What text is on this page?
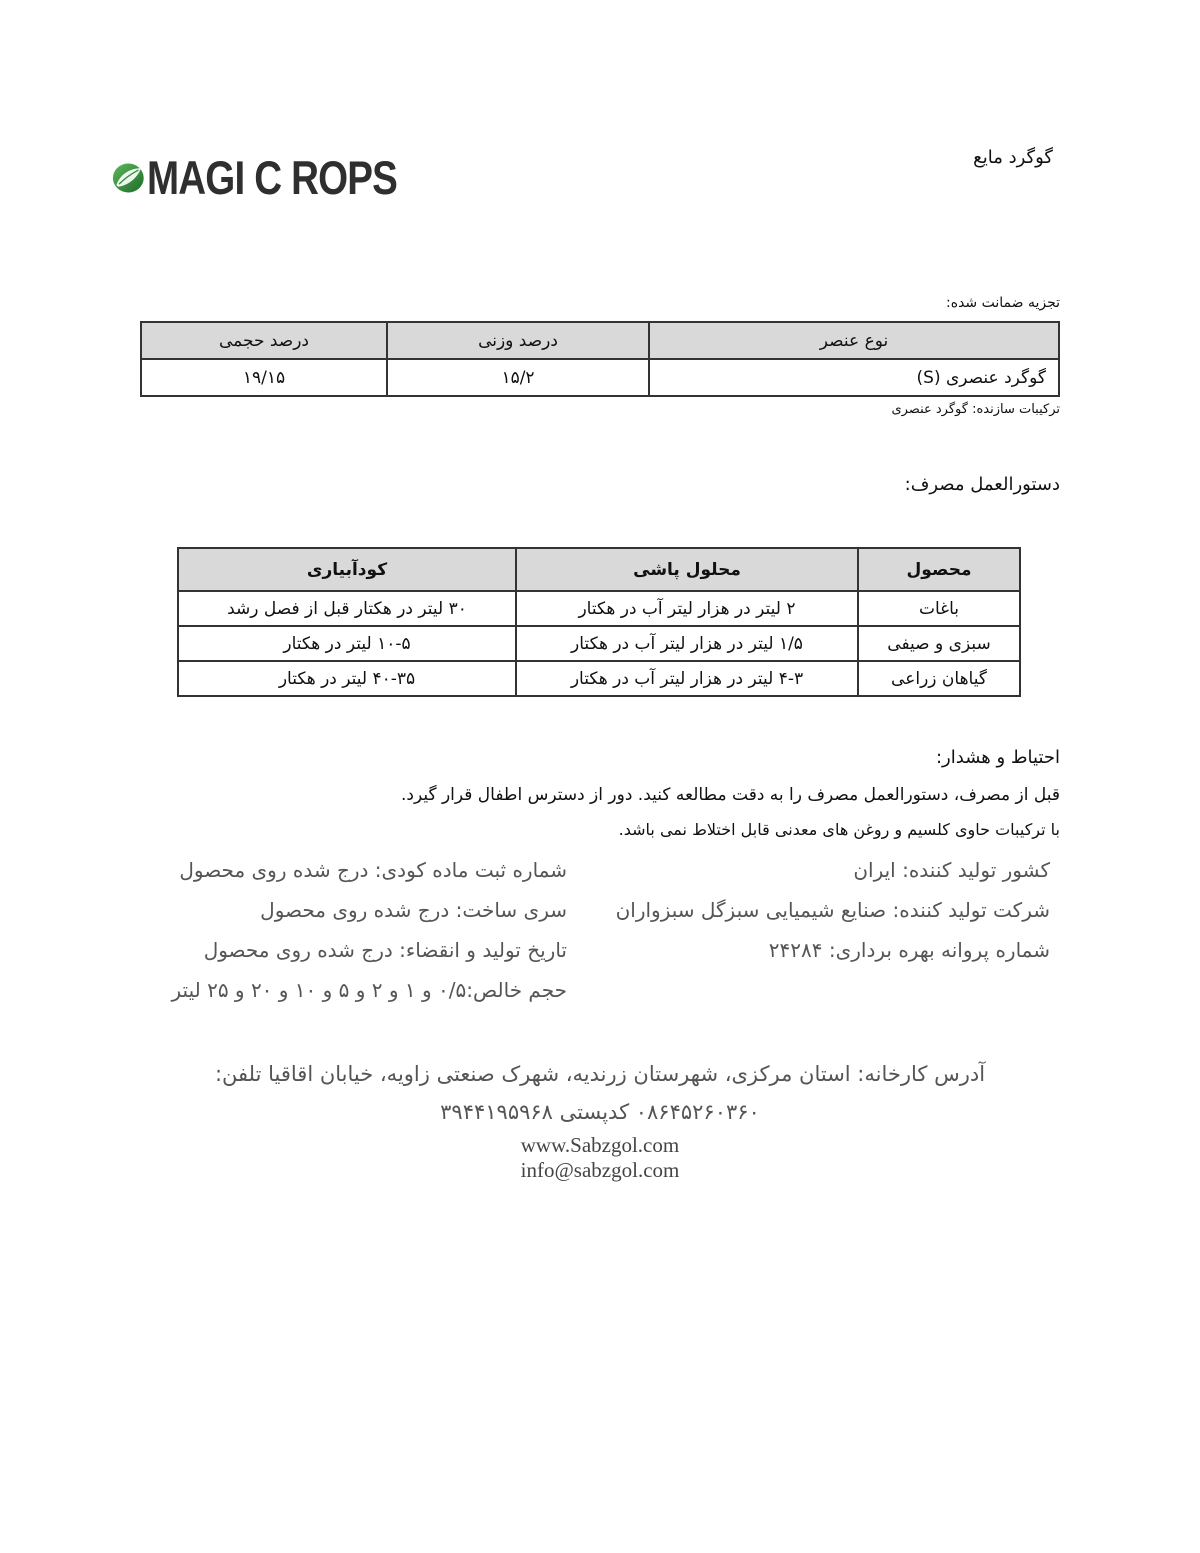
MAGI C ROPS	گوگرد مایع
تجزیه ضمانت شده:
نوع عنصر	درصد وزنی	درصد حجمی
گوگرد عنصری (S)	۱۵/۲	۱۹/۱۵
ترکیبات سازنده: گوگرد عنصری
دستورالعمل مصرف:
محصول	محلول پاشی	کودآبیاری
باغات	۲ لیتر در هزار لیتر آب در هکتار	۳۰ لیتر در هکتار قبل از فصل رشد
سبزی و صیفی	۱/۵ لیتر در هزار لیتر آب در هکتار	۱۰-۵ لیتر در هکتار
گیاهان زراعی	۴-۳ لیتر در هزار لیتر آب در هکتار	۴۰-۳۵ لیتر در هکتار
احتیاط و هشدار:
قبل از مصرف، دستورالعمل مصرف را به دقت مطالعه کنید. دور از دسترس اطفال قرار گیرد.
با ترکیبات حاوی کلسیم و روغن های معدنی قابل اختلاط نمی باشد.
کشور تولید کننده: ایران
شرکت تولید کننده: صنایع شیمیایی سبزگل سبزواران
شماره پروانه بهره برداری: ۲۴۲۸۴
شماره ثبت ماده کودی: درج شده روی محصول
سری ساخت: درج شده روی محصول
تاریخ تولید و انقضاء: درج شده روی محصول
حجم خالص:۰/۵ و ۱ و ۲ و ۵ و ۱۰ و ۲۰ و ۲۵ لیتر
آدرس کارخانه: استان مرکزی، شهرستان زرندیه، شهرک صنعتی زاویه، خیابان اقاقیا تلفن: ۰۸۶۴۵۲۶۰۳۶۰ کدپستی ۳۹۴۴۱۹۵۹۶۸
www.Sabzgol.com
info@sabzgol.com
